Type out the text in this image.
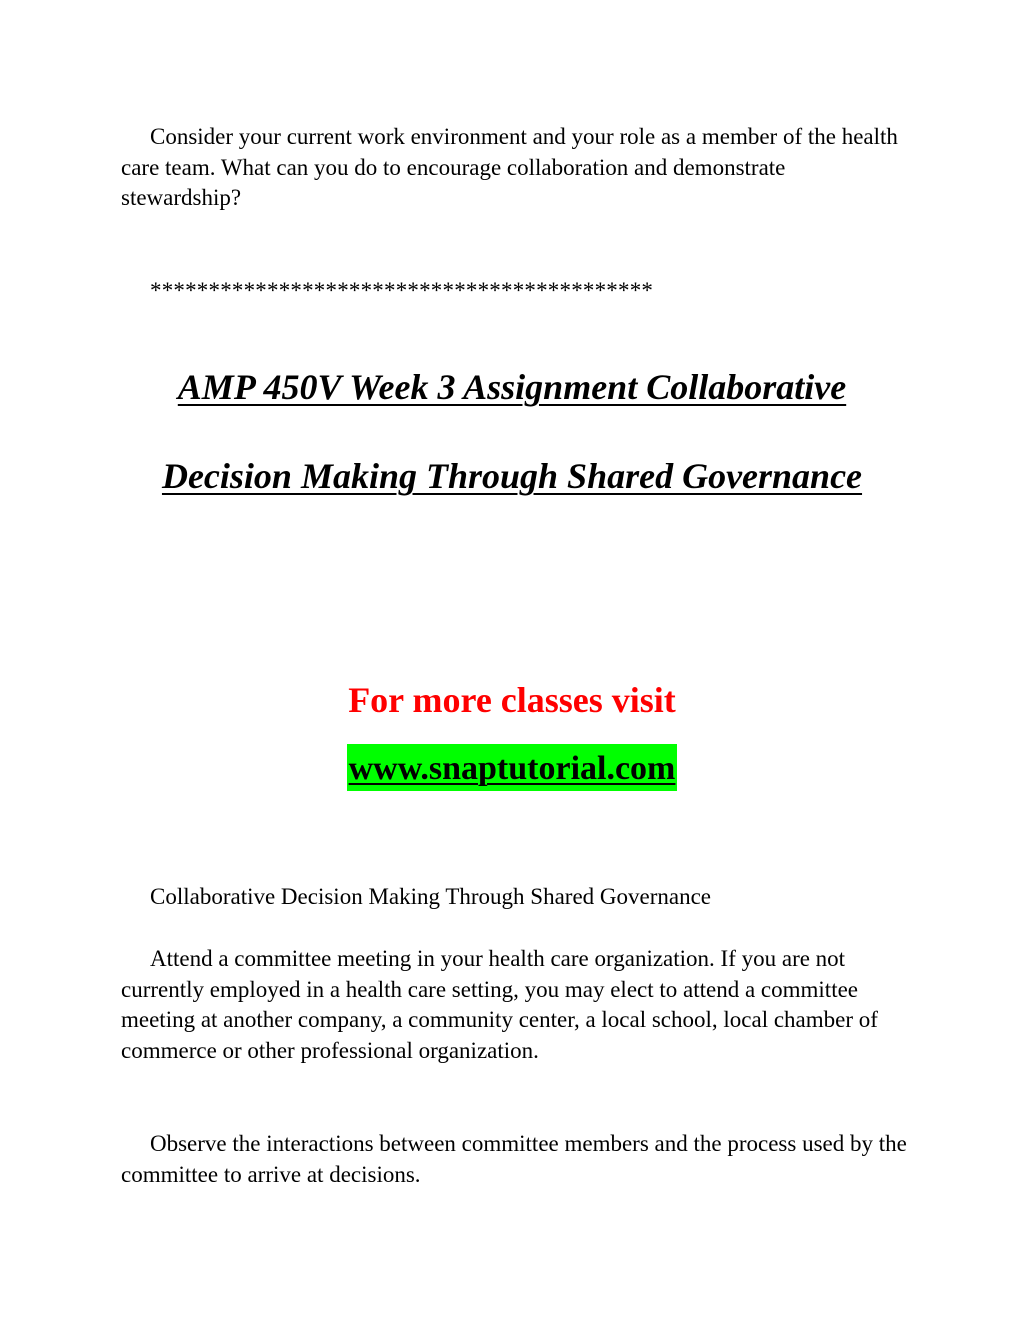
Consider your current work environment and your role as a member of the health care team. What can you do to encourage collaboration and demonstrate stewardship?

*******************************************

AMP 450V Week 3 Assignment Collaborative

Decision Making Through Shared Governance

For more classes visit

www.snaptutorial.com

Collaborative Decision Making Through Shared Governance

Attend a committee meeting in your health care organization. If you are not currently employed in a health care setting, you may elect to attend a committee meeting at another company, a community center, a local school, local chamber of commerce or other professional organization.

Observe the interactions between committee members and the process used by the committee to arrive at decisions.
